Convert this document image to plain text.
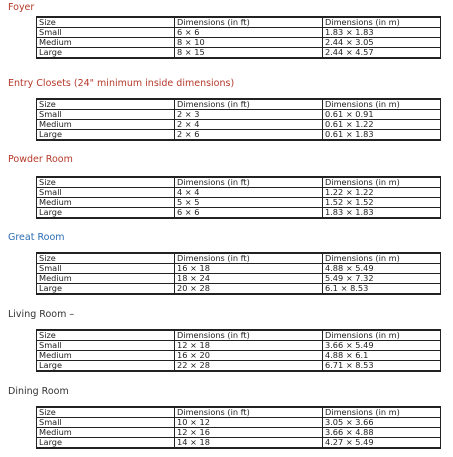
Foyer
Size	Dimensions (in ft)	Dimensions (in m)
Small	6 × 6	1.83 × 1.83
Medium	8 × 10	2.44 × 3.05
Large	8 × 15	2.44 × 4.57
Entry Closets (24" minimum inside dimensions)
Size	Dimensions (in ft)	Dimensions (in m)
Small	2 × 3	0.61 × 0.91
Medium	2 × 4	0.61 × 1.22
Large	2 × 6	0.61 × 1.83
Powder Room
Size	Dimensions (in ft)	Dimensions (in m)
Small	4 × 4	1.22 × 1.22
Medium	5 × 5	1.52 × 1.52
Large	6 × 6	1.83 × 1.83
Great Room
Size	Dimensions (in ft)	Dimensions (in m)
Small	16 × 18	4.88 × 5.49
Medium	18 × 24	5.49 × 7.32
Large	20 × 28	6.1 × 8.53
Living Room –
Size	Dimensions (in ft)	Dimensions (in m)
Small	12 × 18	3.66 × 5.49
Medium	16 × 20	4.88 × 6.1
Large	22 × 28	6.71 × 8.53
Dining Room
Size	Dimensions (in ft)	Dimensions (in m)
Small	10 × 12	3.05 × 3.66
Medium	12 × 16	3.66 × 4.88
Large	14 × 18	4.27 × 5.49
